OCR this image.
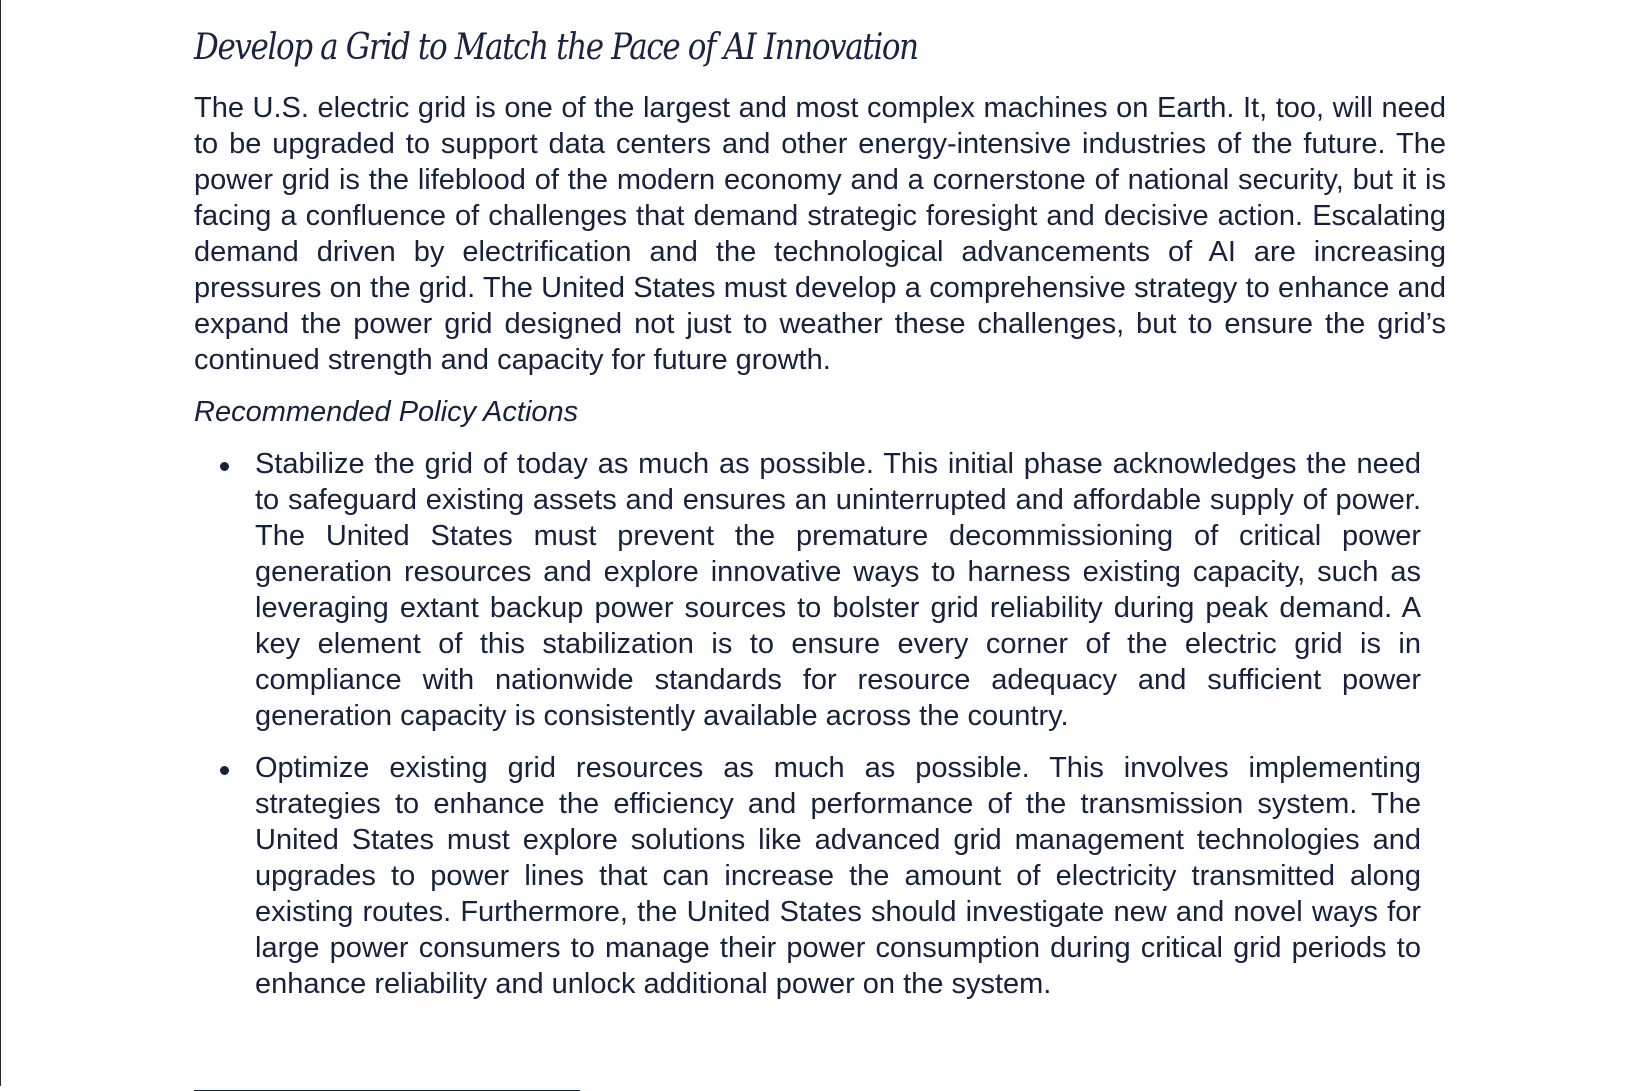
Develop a Grid to Match the Pace of AI Innovation

The U.S. electric grid is one of the largest and most complex machines on Earth. It, too, will need to be upgraded to support data centers and other energy-intensive industries of the future. The power grid is the lifeblood of the modern economy and a cornerstone of national security, but it is facing a confluence of challenges that demand strategic foresight and decisive action. Escalating demand driven by electrification and the technological advancements of AI are increasing pressures on the grid. The United States must develop a comprehensive strategy to enhance and expand the power grid designed not just to weather these challenges, but to ensure the grid’s continued strength and capacity for future growth.

Recommended Policy Actions

Stabilize the grid of today as much as possible. This initial phase acknowledges the need to safeguard existing assets and ensures an uninterrupted and affordable supply of power. The United States must prevent the premature decommissioning of critical power generation resources and explore innovative ways to harness existing capacity, such as leveraging extant backup power sources to bolster grid reliability during peak demand. A key element of this stabilization is to ensure every corner of the electric grid is in compliance with nationwide standards for resource adequacy and sufficient power generation capacity is consistently available across the country.
Optimize existing grid resources as much as possible. This involves implementing strategies to enhance the efficiency and performance of the transmission system. The United States must explore solutions like advanced grid management technologies and upgrades to power lines that can increase the amount of electricity transmitted along existing routes. Furthermore, the United States should investigate new and novel ways for large power consumers to manage their power consumption during critical grid periods to enhance reliability and unlock additional power on the system.
